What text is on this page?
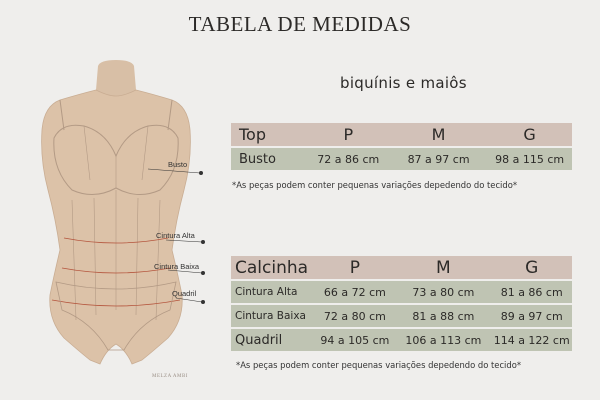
TABELA DE MEDIDAS
biquínis e maiôs
Busto
Cintura Alta
Cintura Baixa
Quadril
MELZA AMBI
Top	P	M	G

Busto	72 a 86 cm	87 a 97 cm	98 a 115 cm
*As peças podem conter pequenas variações depedendo do tecido*
Calcinha	P	M	G

Cintura Alta	66 a 72 cm	73 a 80 cm	81 a 86 cm

Cintura Baixa	72 a 80 cm	81 a 88 cm	89 a 97 cm

Quadril	94 a 105 cm	106 a 113 cm	114 a 122 cm
*As peças podem conter pequenas variações depedendo do tecido*
